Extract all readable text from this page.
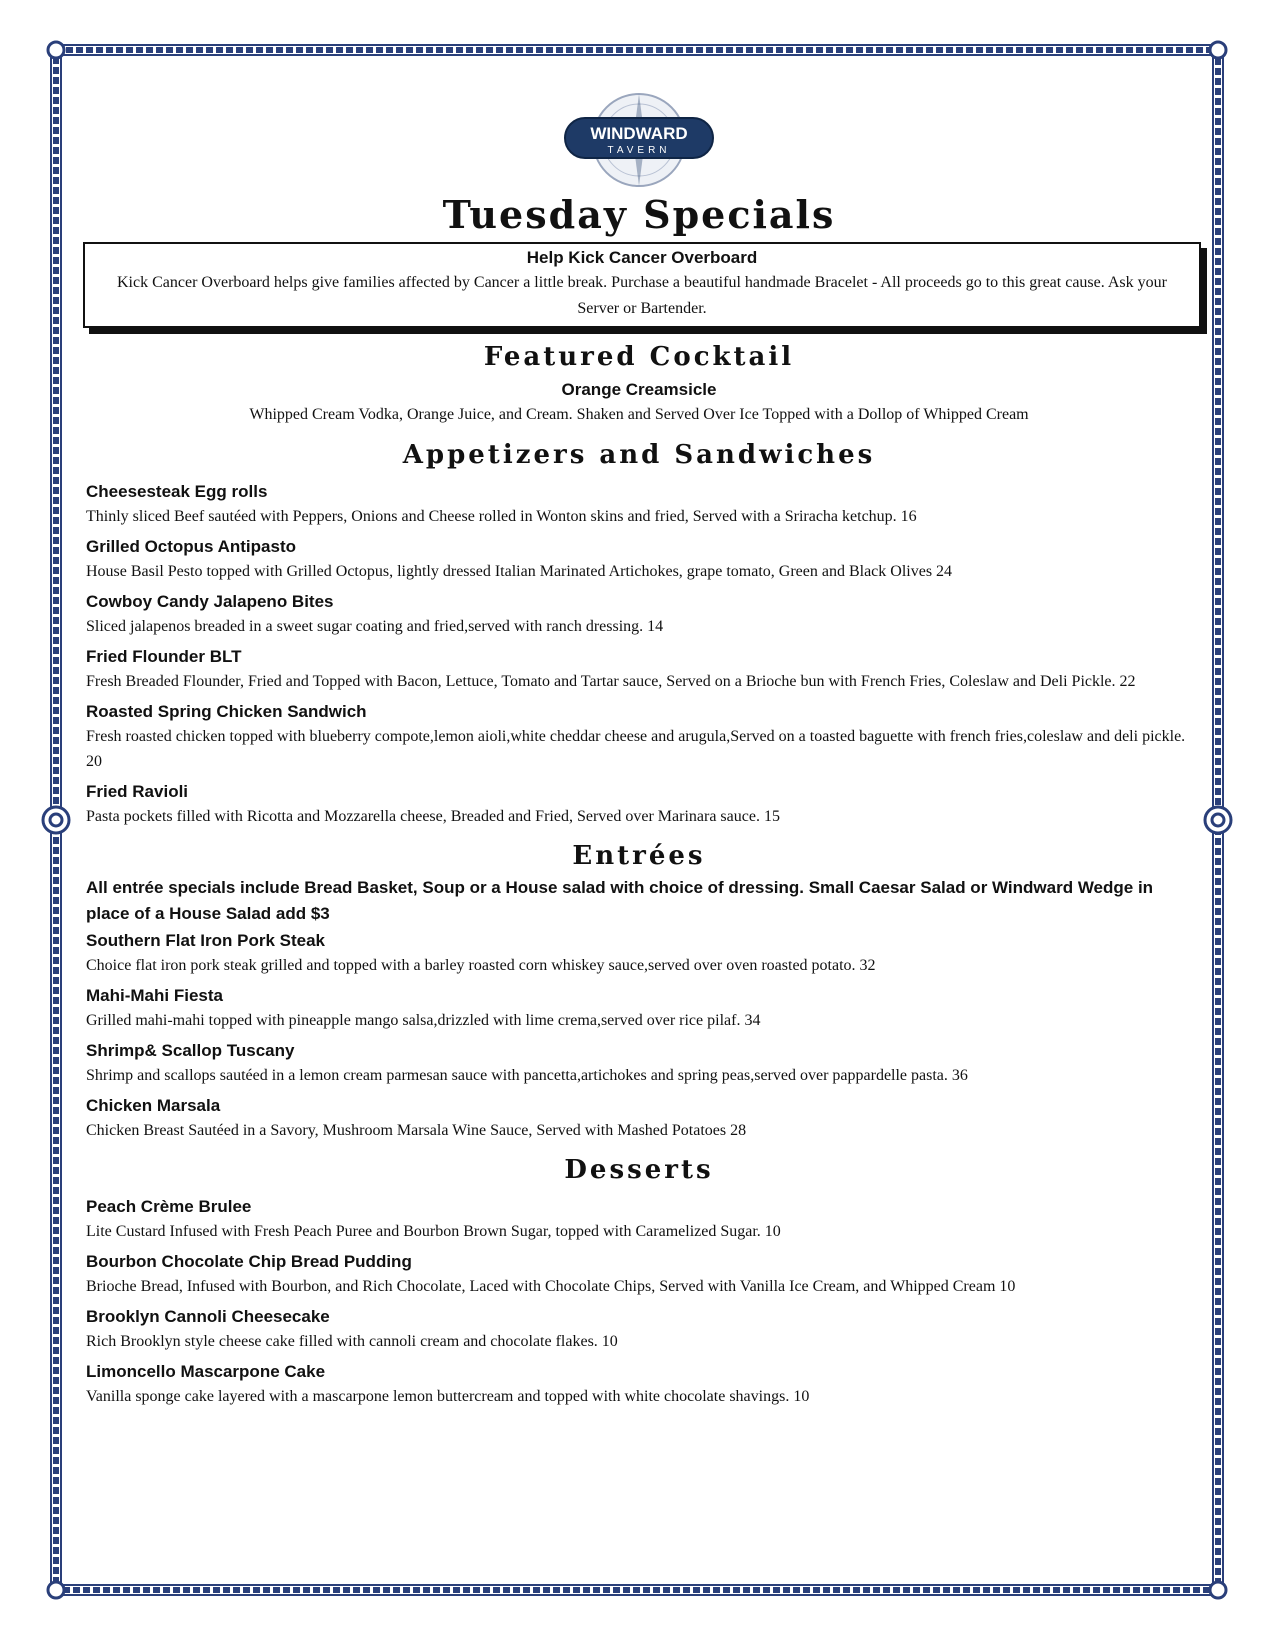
WINDWARD
TAVERN
Tuesday Specials
Help Kick Cancer Overboard
Kick Cancer Overboard helps give families affected by Cancer a little break. Purchase a beautiful handmade Bracelet - All proceeds go to this great cause. Ask your Server or Bartender.
Featured Cocktail
Orange Creamsicle
Whipped Cream Vodka, Orange Juice, and Cream. Shaken and Served Over Ice Topped with a Dollop of Whipped Cream
Appetizers and Sandwiches
Cheesesteak Egg rolls
Thinly sliced Beef sautéed with Peppers, Onions and Cheese rolled in Wonton skins and fried, Served with a Sriracha ketchup. 16
Grilled Octopus Antipasto
House Basil Pesto topped with Grilled Octopus, lightly dressed Italian Marinated Artichokes, grape tomato, Green and Black Olives 24
Cowboy Candy Jalapeno Bites
Sliced jalapenos breaded in a sweet sugar coating and fried,served with ranch dressing. 14
Fried Flounder BLT
Fresh Breaded Flounder, Fried and Topped with Bacon, Lettuce, Tomato and Tartar sauce, Served on a Brioche bun with French Fries, Coleslaw and Deli Pickle. 22
Roasted Spring Chicken Sandwich
Fresh roasted chicken topped with blueberry compote,lemon aioli,white cheddar cheese and arugula,Served on a toasted baguette with french fries,coleslaw and deli pickle. 20
Fried Ravioli
Pasta pockets filled with Ricotta and Mozzarella cheese, Breaded and Fried, Served over Marinara sauce. 15
Entrées
All entrée specials include Bread Basket, Soup or a House salad with choice of dressing. Small Caesar Salad or Windward Wedge in place of a House Salad add $3
Southern Flat Iron Pork Steak
Choice flat iron pork steak grilled and topped with a barley roasted corn whiskey sauce,served over oven roasted potato. 32
Mahi-Mahi Fiesta
Grilled mahi-mahi topped with pineapple mango salsa,drizzled with lime crema,served over rice pilaf. 34
Shrimp& Scallop Tuscany
Shrimp and scallops sautéed in a lemon cream parmesan sauce with pancetta,artichokes and spring peas,served over pappardelle pasta. 36
Chicken Marsala
Chicken Breast Sautéed in a Savory, Mushroom Marsala Wine Sauce, Served with Mashed Potatoes 28
Desserts
Peach Crème Brulee
Lite Custard Infused with Fresh Peach Puree and Bourbon Brown Sugar, topped with Caramelized Sugar. 10
Bourbon Chocolate Chip Bread Pudding
Brioche Bread, Infused with Bourbon, and Rich Chocolate, Laced with Chocolate Chips, Served with Vanilla Ice Cream, and Whipped Cream 10
Brooklyn Cannoli Cheesecake
Rich Brooklyn style cheese cake filled with cannoli cream and chocolate flakes. 10
Limoncello Mascarpone Cake
Vanilla sponge cake layered with a mascarpone lemon buttercream and topped with white chocolate shavings. 10
